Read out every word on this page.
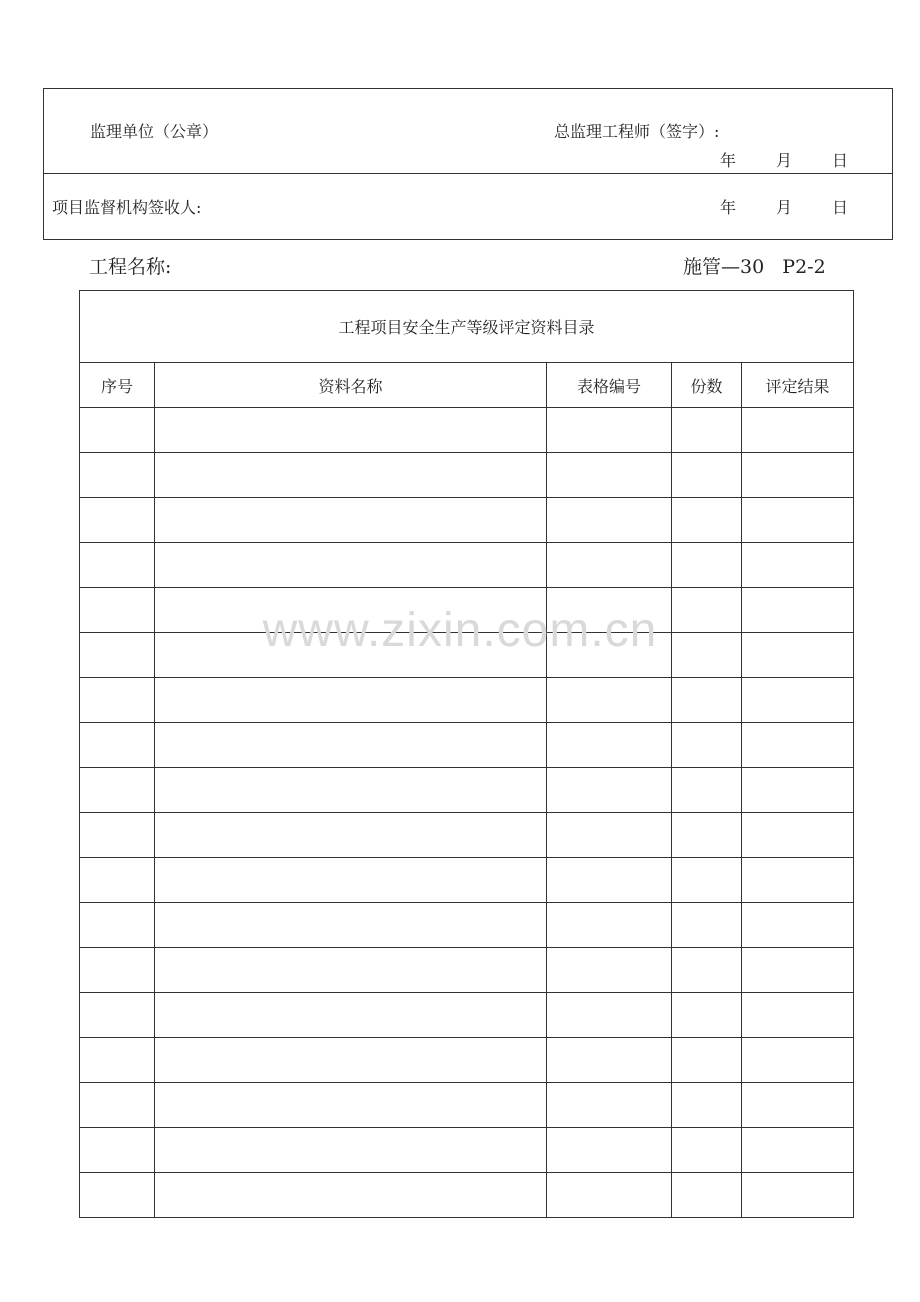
监理单位（公章）	总监理工程师（签字）:
年 月 日
项目监督机构签收人:	年 月 日
工程名称:	施管—30   P2-2
工程项目安全生产等级评定资料目录				
序号	资料名称	表格编号	份数	评定结果

www.zixin.com.cn
